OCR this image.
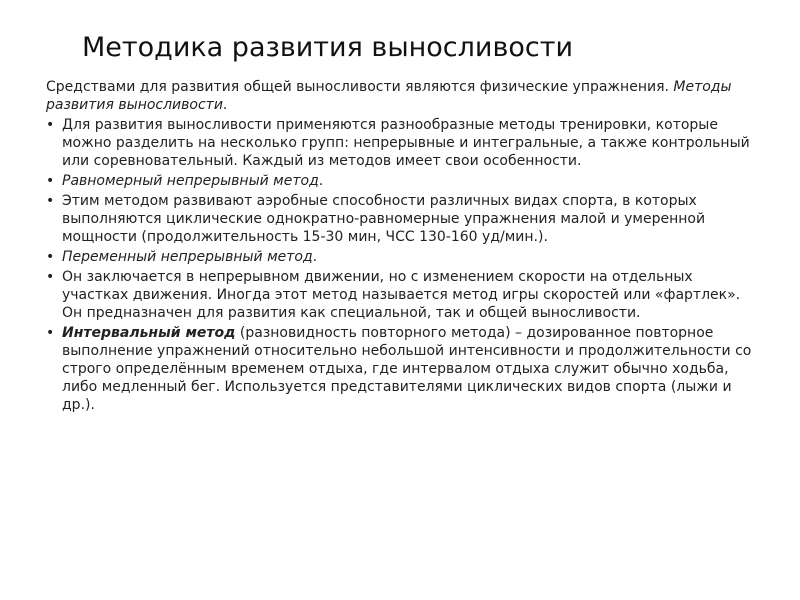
Методика развития выносливости

Средствами для развития общей выносливости являются физические упражнения. Методы развития выносливости.

• Для развития выносливости применяются разнообразные методы тренировки, которые можно разделить на несколько групп: непрерывные и интегральные, а также контрольный или соревновательный. Каждый из методов имеет свои особенности.

• Равномерный непрерывный метод.

• Этим методом развивают аэробные способности различных видах спорта, в которых выполняются циклические однократно-равномерные упражнения малой и умеренной мощности (продолжительность 15-30 мин, ЧСС 130-160 уд/мин.).

• Переменный непрерывный метод.

• Он заключается в непрерывном движении, но с изменением скорости на отдельных участках движения. Иногда этот метод называется метод игры скоростей или «фартлек». Он предназначен для развития как специальной, так и общей выносливости.

• Интервальный метод (разновидность повторного метода) – дозированное повторное выполнение упражнений относительно небольшой интенсивности и продолжительности со строго определённым временем отдыха, где интервалом отдыха служит обычно ходьба, либо медленный бег. Используется представителями циклических видов спорта (лыжи и др.).
